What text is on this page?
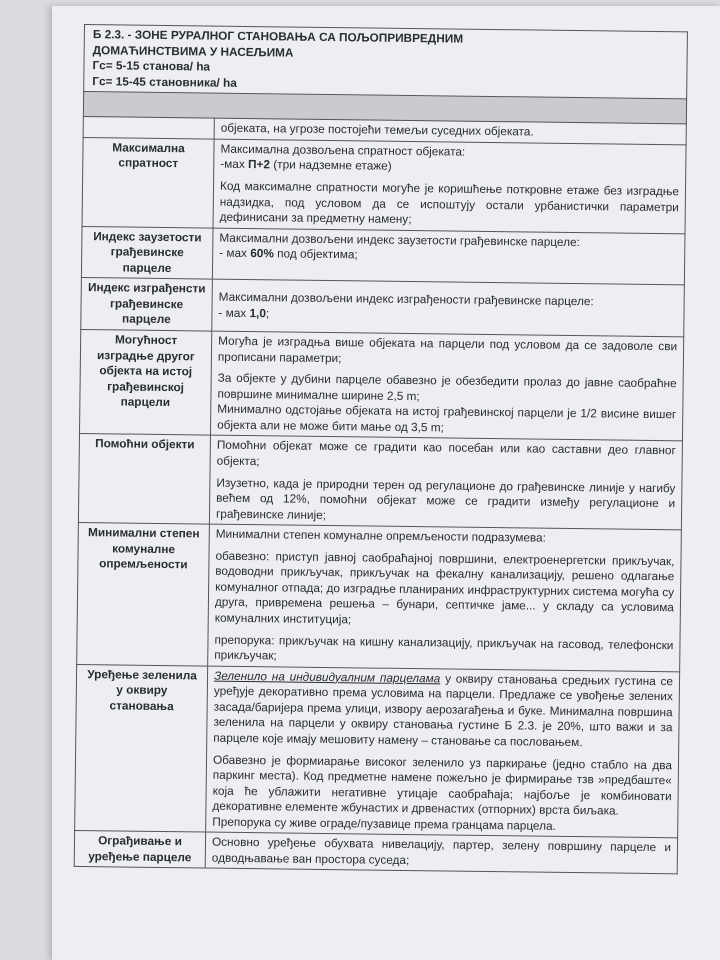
Б 2.3. - ЗОНЕ РУРАЛНОГ СТАНОВАЊА СА ПОЉОПРИВРЕДНИМ
ДОМАЋИНСТВИМА У НАСЕЉИМА
Гс= 5-15 станова/ ha
Гс= 15-45 становника/ ha	

	објеката, на угрозе постојећи темељи суседних објеката.

Максимална спратност	Максимална дозвољена спратност објеката:
-мах П+2 (три надземне етаже)

Код максималне спратности могуће је коришћење поткровне етаже без изградње надзидка, под условом да се испоштују остали урбанистички параметри дефинисани за предметну намену;

Индекс заузетости грађевинске парцеле	Максимални дозвољени индекс заузетости грађевинске парцеле:
- мах 60% под објектима;

Индекс изграђенсти грађевинске парцеле	Максимални дозвољени индекс изграђености грађевинске парцеле:
- мах 1,0;

Могућност изградње другог објекта на истој грађевинској парцели	Могућа је изградња више објеката на парцели под условом да се задоволе сви прописани параметри;

За објекте у дубини парцеле обавезно је обезбедити пролаз до јавне саобраћне површине минималне ширине 2,5 m;
Минимално одстојање објеката на истој грађевинској парцели је 1/2 висине вишег објекта али не може бити мање од 3,5 m;

Помоћни објекти	Помоћни објекат може се градити као посебан или као саставни део главног објекта;

Изузетно, када је природни терен од регулационе до грађевинске линије у нагибу већем од 12%, помоћни објекат може се градити између регулационе и грађевинске линије;

Минимални степен комуналне опремљености	Минимални степен комуналне опремљености подразумева:

обавезно: приступ јавној саобраћајној површини, електроенергетски прикључак, водоводни прикључак, прикључак на фекалну канализацију, решено одлагање комуналног отпада; до изградње планираних инфраструктурних система могућа су друга, привремена решења – бунари, септичке јаме... у складу са условима комуналних институција;

препорука: прикључак на кишну канализацију, прикључак на гасовод, телефонски прикључак;

Уређење зеленила у оквиру становања	Зеленило на индивидуалним парцелама у оквиру становања средњих густина се уређује декоративно према условима на парцели. Предлаже се увођење зелених засада/баријера према улици, извору аерозагађења и буке. Минимална површина зеленила на парцели у оквиру становања густине Б 2.3. је 20%, што важи и за парцеле које имају мешовиту намену – становање са пословањем.

Обавезно је формиарање високог зеленило уз паркирање (једно стабло на два паркинг места). Код предметне намене пожељно је фирмирање тзв »предбаште« која ће ублажити негативне утицаје саобраћаја; најбоље је комбиновати декоративне елементе жбунастих и дрвенастих (отпорних) врста биљака.
Препорука су живе ограде/пузавице према гранцама парцела.

Ограђивање и уређење парцеле	Основно уређење обухвата нивелацију, партер, зелену површину парцеле и одводњавање ван простора суседа;
